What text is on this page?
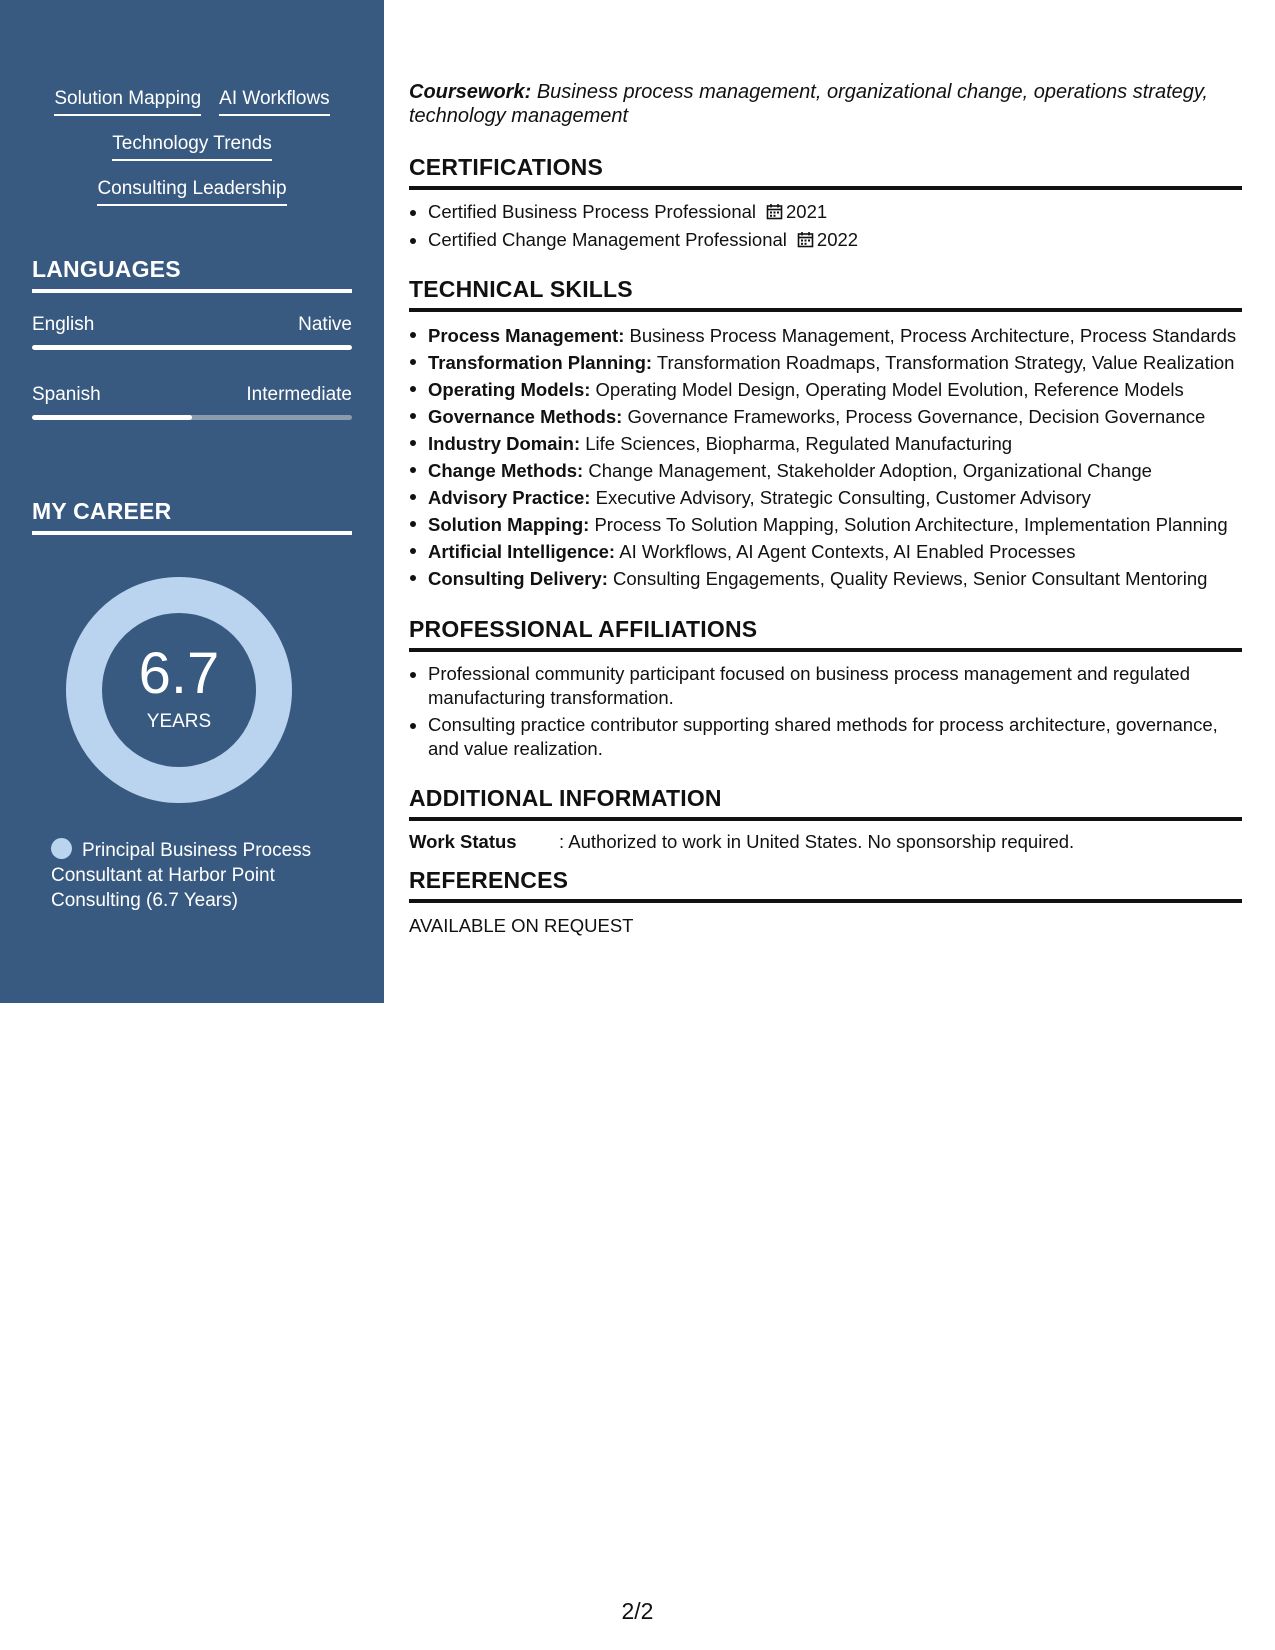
Solution Mapping AI Workflows
Technology Trends
Consulting Leadership
LANGUAGES
English	Native
Spanish	Intermediate
MY CAREER
6.7
YEARS
Principal Business Process Consultant at Harbor Point Consulting (6.7 Years)

Coursework: Business process management, organizational change, operations strategy, technology management

CERTIFICATIONS
Certified Business Process Professional 2021
Certified Change Management Professional 2022
TECHNICAL SKILLS
Process Management: Business Process Management, Process Architecture, Process Standards
Transformation Planning: Transformation Roadmaps, Transformation Strategy, Value Realization
Operating Models: Operating Model Design, Operating Model Evolution, Reference Models
Governance Methods: Governance Frameworks, Process Governance, Decision Governance
Industry Domain: Life Sciences, Biopharma, Regulated Manufacturing
Change Methods: Change Management, Stakeholder Adoption, Organizational Change
Advisory Practice: Executive Advisory, Strategic Consulting, Customer Advisory
Solution Mapping: Process To Solution Mapping, Solution Architecture, Implementation Planning
Artificial Intelligence: AI Workflows, AI Agent Contexts, AI Enabled Processes
Consulting Delivery: Consulting Engagements, Quality Reviews, Senior Consultant Mentoring
PROFESSIONAL AFFILIATIONS
Professional community participant focused on business process management and regulated manufacturing transformation.
Consulting practice contributor supporting shared methods for process architecture, governance, and value realization.
ADDITIONAL INFORMATION
Work Status	: Authorized to work in United States. No sponsorship required.
REFERENCES

AVAILABLE ON REQUEST

2/2
